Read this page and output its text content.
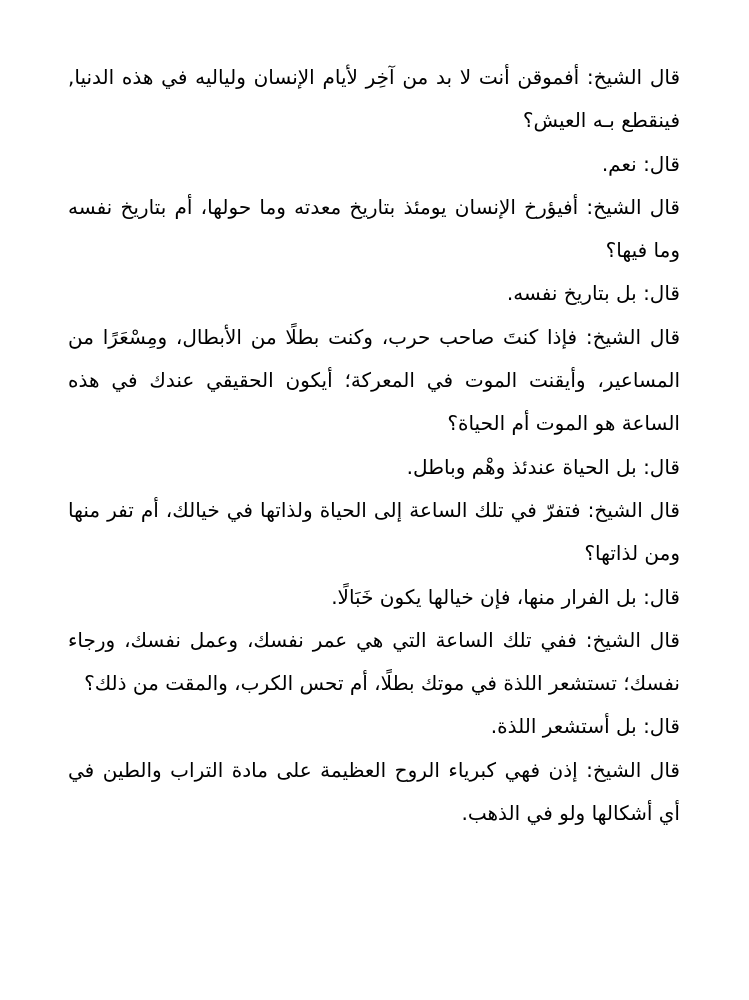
قال الشيخ: أفموقن أنت لا بد من آخِر لأيام الإنسان ولياليه في هذه الدنيا, فينقطع بـه العيش؟

قال: نعم.

قال الشيخ: أفيؤرخ الإنسان يومئذ بتاريخ معدته وما حولها، أم بتاريخ نفسه وما فيها؟

قال: بل بتاريخ نفسه.

قال الشيخ: فإذا كنتَ صاحب حرب، وكنت بطلًا من الأبطال، ومِسْعَرًا من المساعير، وأيقنت الموت في المعركة؛ أيكون الحقيقي عندك في هذه الساعة هو الموت أم الحياة؟

قال: بل الحياة عندئذ وهْم وباطل.

قال الشيخ: فتفرّ في تلك الساعة إلى الحياة ولذاتها في خيالك، أم تفر منها ومن لذاتها؟

قال: بل الفرار منها، فإن خيالها يكون خَبَالًا.

قال الشيخ: ففي تلك الساعة التي هي عمر نفسك، وعمل نفسك، ورجاء نفسك؛ تستشعر اللذة في موتك بطلًا، أم تحس الكرب، والمقت من ذلك؟

قال: بل أستشعر اللذة.

قال الشيخ: إذن فهي كبرياء الروح العظيمة على مادة التراب والطين في أي أشكالها ولو في الذهب.
